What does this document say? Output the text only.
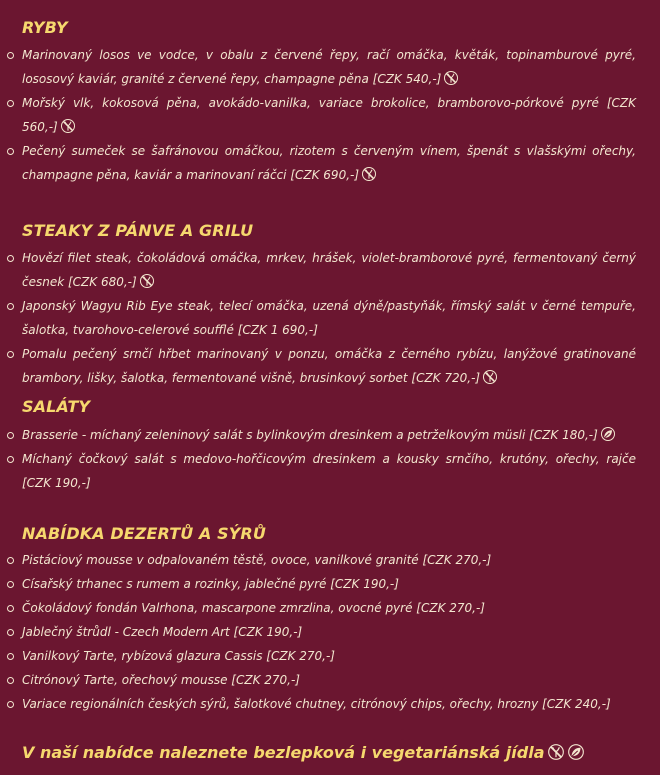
RYBY
Marinovaný losos ve vodce, v obalu z červené řepy, račí omáčka, květák, topinamburové pyré, lososový kaviár, granité z červené řepy, champagne pěna [CZK 540,-]
Mořský vlk, kokosová pěna, avokádo-vanilka, variace brokolice, bramborovo-pórkové pyré [CZK 560,-]
Pečený sumeček se šafránovou omáčkou, rizotem s červeným vínem, špenát s vlašskými ořechy, champagne pěna, kaviár a marinovaní ráčci [CZK 690,-]
STEAKY Z PÁNVE A GRILU
Hovězí filet steak, čokoládová omáčka, mrkev, hrášek, violet-bramborové pyré, fermentovaný černý česnek [CZK 680,-]
Japonský Wagyu Rib Eye steak, telecí omáčka, uzená dýně/pastyňák, římský salát v černé tempuře, šalotka, tvarohovo-celerové soufflé [CZK 1 690,-]
Pomalu pečený srnčí hřbet marinovaný v ponzu, omáčka z černého rybízu, lanýžové gratinované brambory, lišky, šalotka, fermentované višně, brusinkový sorbet [CZK 720,-]
SALÁTY
Brasserie - míchaný zeleninový salát s bylinkovým dresinkem a petrželkovým müsli [CZK 180,-]
Míchaný čočkový salát s medovo-hořčicovým dresinkem a kousky srnčího, krutóny, ořechy, rajče [CZK 190,-]
NABÍDKA DEZERTŮ A SÝRŮ
Pistáciový mousse v odpalovaném těstě, ovoce, vanilkové granité [CZK 270,-]
Císařský trhanec s rumem a rozinky, jablečné pyré [CZK 190,-]
Čokoládový fondán Valrhona, mascarpone zmrzlina, ovocné pyré [CZK 270,-]
Jablečný štrůdl - Czech Modern Art [CZK 190,-]
Vanilkový Tarte, rybízová glazura Cassis [CZK 270,-]
Citrónový Tarte, ořechový mousse [CZK 270,-]
Variace regionálních českých sýrů, šalotkové chutney, citrónový chips, ořechy, hrozny [CZK 240,-]
V naší nabídce naleznete bezlepková i vegetariánská jídla
